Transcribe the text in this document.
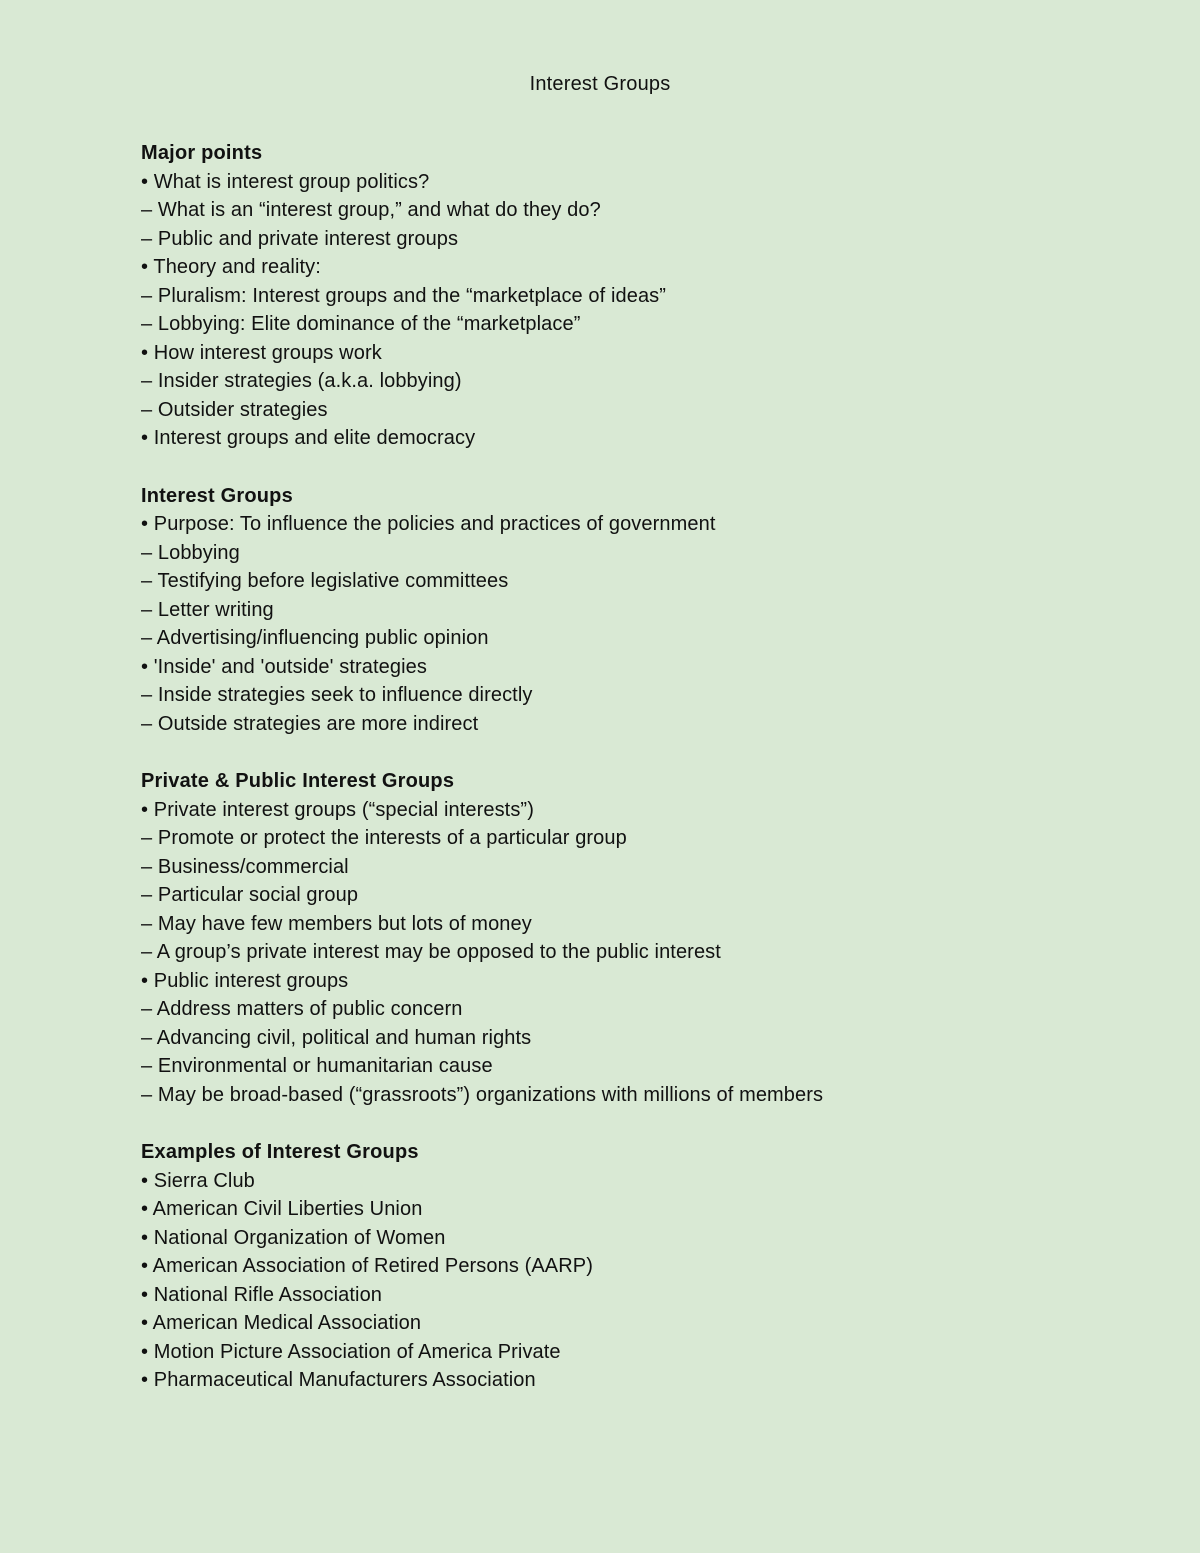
Interest Groups

Major points

• What is interest group politics?

– What is an “interest group,” and what do they do?

– Public and private interest groups

• Theory and reality:

– Pluralism: Interest groups and the “marketplace of ideas”

– Lobbying: Elite dominance of the “marketplace”

• How interest groups work

– Insider strategies (a.k.a. lobbying)

– Outsider strategies

• Interest groups and elite democracy

Interest Groups

• Purpose: To influence the policies and practices of government

– Lobbying

– Testifying before legislative committees

– Letter writing

– Advertising/influencing public opinion

• 'Inside' and 'outside' strategies

– Inside strategies seek to influence directly

– Outside strategies are more indirect

Private & Public Interest Groups

• Private interest groups (“special interests”)

– Promote or protect the interests of a particular group

– Business/commercial

– Particular social group

– May have few members but lots of money

– A group’s private interest may be opposed to the public interest

• Public interest groups

– Address matters of public concern

– Advancing civil, political and human rights

– Environmental or humanitarian cause

– May be broad-based (“grassroots”) organizations with millions of members

Examples of Interest Groups

• Sierra Club

• American Civil Liberties Union

• National Organization of Women

• American Association of Retired Persons (AARP)

• National Rifle Association

• American Medical Association

• Motion Picture Association of America Private

• Pharmaceutical Manufacturers Association
